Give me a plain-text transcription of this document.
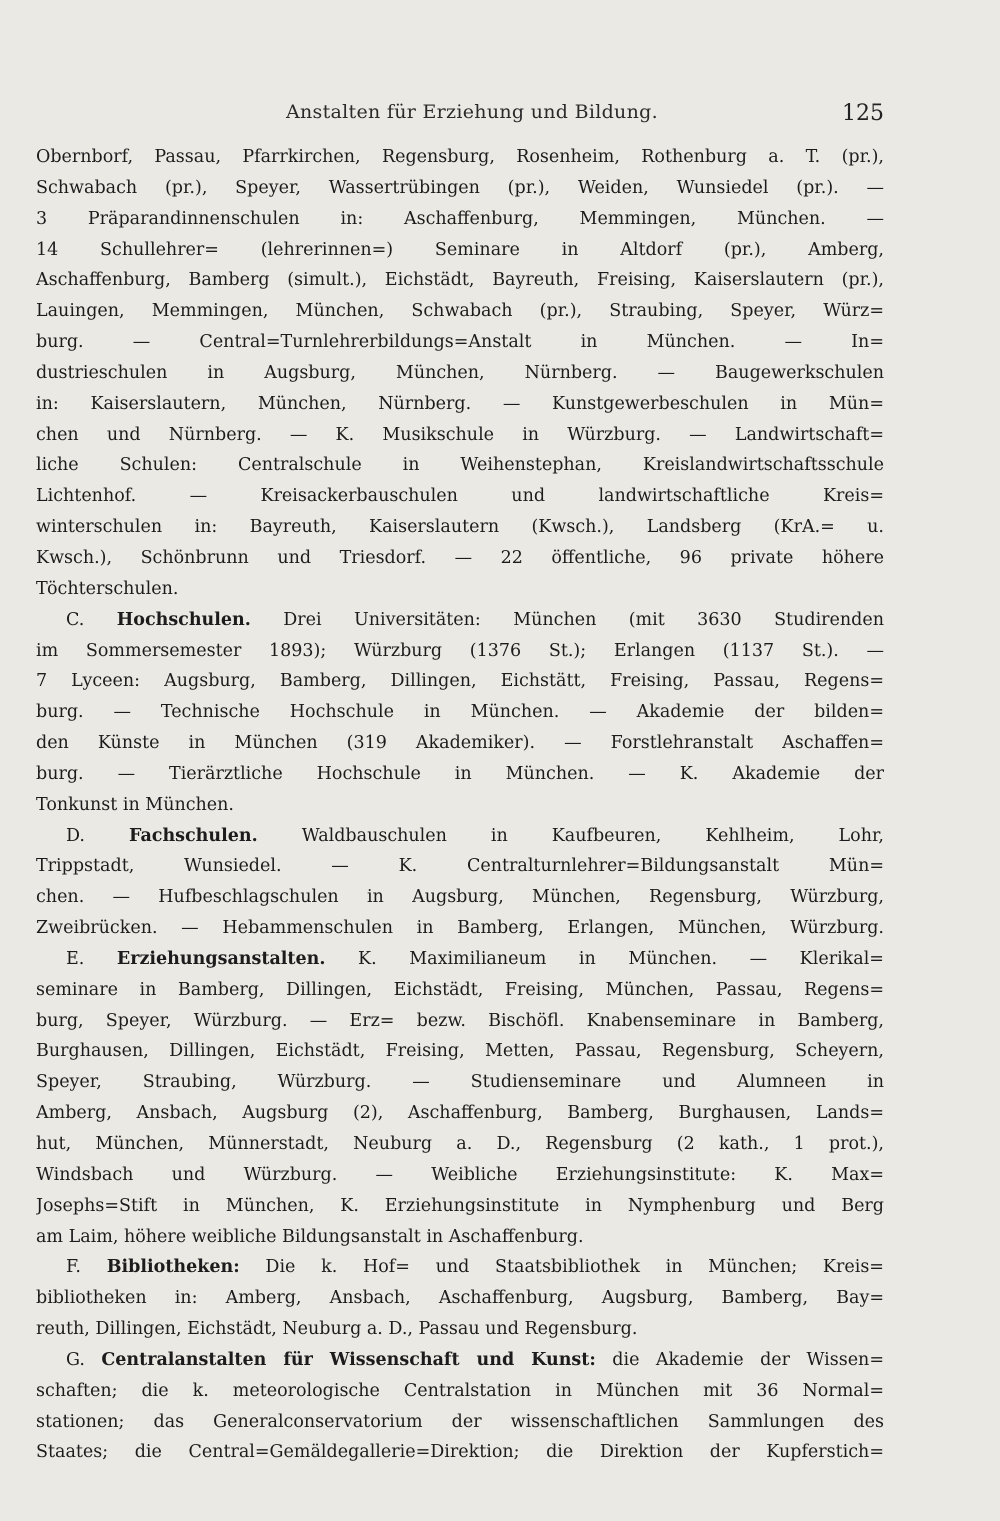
Anstalten für Erziehung und Bildung.	125
Obernborf, Passau, Pfarrkirchen, Regensburg, Rosenheim, Rothenburg a. T. (pr.),
Schwabach (pr.), Speyer, Wassertrübingen (pr.), Weiden, Wunsiedel (pr.). —
3 Präparandinnenschulen in: Aschaffenburg, Memmingen, München. —
14 Schullehrer= (lehrerinnen=) Seminare in Altdorf (pr.), Amberg,
Aschaffenburg, Bamberg (simult.), Eichstädt, Bayreuth, Freising, Kaiserslautern (pr.),
Lauingen, Memmingen, München, Schwabach (pr.), Straubing, Speyer, Würz=
burg. — Central=Turnlehrerbildungs=Anstalt in München. — In=
dustrieschulen in Augsburg, München, Nürnberg. — Baugewerkschulen
in: Kaiserslautern, München, Nürnberg. — Kunstgewerbeschulen in Mün=
chen und Nürnberg. — K. Musikschule in Würzburg. — Landwirtschaft=
liche Schulen: Centralschule in Weihenstephan, Kreislandwirtschaftsschule
Lichtenhof. — Kreisackerbauschulen und landwirtschaftliche Kreis=
winterschulen in: Bayreuth, Kaiserslautern (Kwsch.), Landsberg (KrA.= u.
Kwsch.), Schönbrunn und Triesdorf. — 22 öffentliche, 96 private höhere
Töchterschulen.
C. Hochschulen. Drei Universitäten: München (mit 3630 Studirenden
im Sommersemester 1893); Würzburg (1376 St.); Erlangen (1137 St.). —
7 Lyceen: Augsburg, Bamberg, Dillingen, Eichstätt, Freising, Passau, Regens=
burg. — Technische Hochschule in München. — Akademie der bilden=
den Künste in München (319 Akademiker). — Forstlehranstalt Aschaffen=
burg. — Tierärztliche Hochschule in München. — K. Akademie der
Tonkunst in München.
D.	Fachschulen.	Waldbauschulen in Kaufbeuren, Kehlheim, Lohr,
Trippstadt, Wunsiedel. — K. Centralturnlehrer=Bildungsanstalt Mün=
chen. — Hufbeschlagschulen in Augsburg, München, Regensburg, Würzburg,
Zweibrücken. — Hebammenschulen in Bamberg, Erlangen, München, Würzburg.
E. Erziehungsanstalten. K. Maximilianeum in München. — Klerikal=
seminare in Bamberg, Dillingen, Eichstädt, Freising, München, Passau, Regens=
burg, Speyer, Würzburg. — Erz= bezw. Bischöfl. Knabenseminare in Bamberg,
Burghausen, Dillingen, Eichstädt, Freising, Metten, Passau, Regensburg, Scheyern,
Speyer, Straubing, Würzburg. — Studienseminare und Alumneen in
Amberg, Ansbach, Augsburg (2), Aschaffenburg, Bamberg, Burghausen, Lands=
hut, München, Münnerstadt, Neuburg a. D., Regensburg (2 kath., 1 prot.),
Windsbach und Würzburg. — Weibliche Erziehungsinstitute: K. Max=
Josephs=Stift in München, K. Erziehungsinstitute in Nymphenburg und Berg
am Laim, höhere weibliche Bildungsanstalt in Aschaffenburg.
F. Bibliotheken: Die k. Hof= und Staatsbibliothek in München; Kreis=
bibliotheken in: Amberg, Ansbach, Aschaffenburg, Augsburg, Bamberg, Bay=
reuth, Dillingen, Eichstädt, Neuburg a. D., Passau und Regensburg.
G. Centralanstalten für Wissenschaft und Kunst: die Akademie der Wissen=
schaften; die k. meteorologische Centralstation in München mit 36 Normal=
stationen; das Generalconservatorium der wissenschaftlichen Sammlungen des
Staates; die Central=Gemäldegallerie=Direktion; die Direktion der Kupferstich=
